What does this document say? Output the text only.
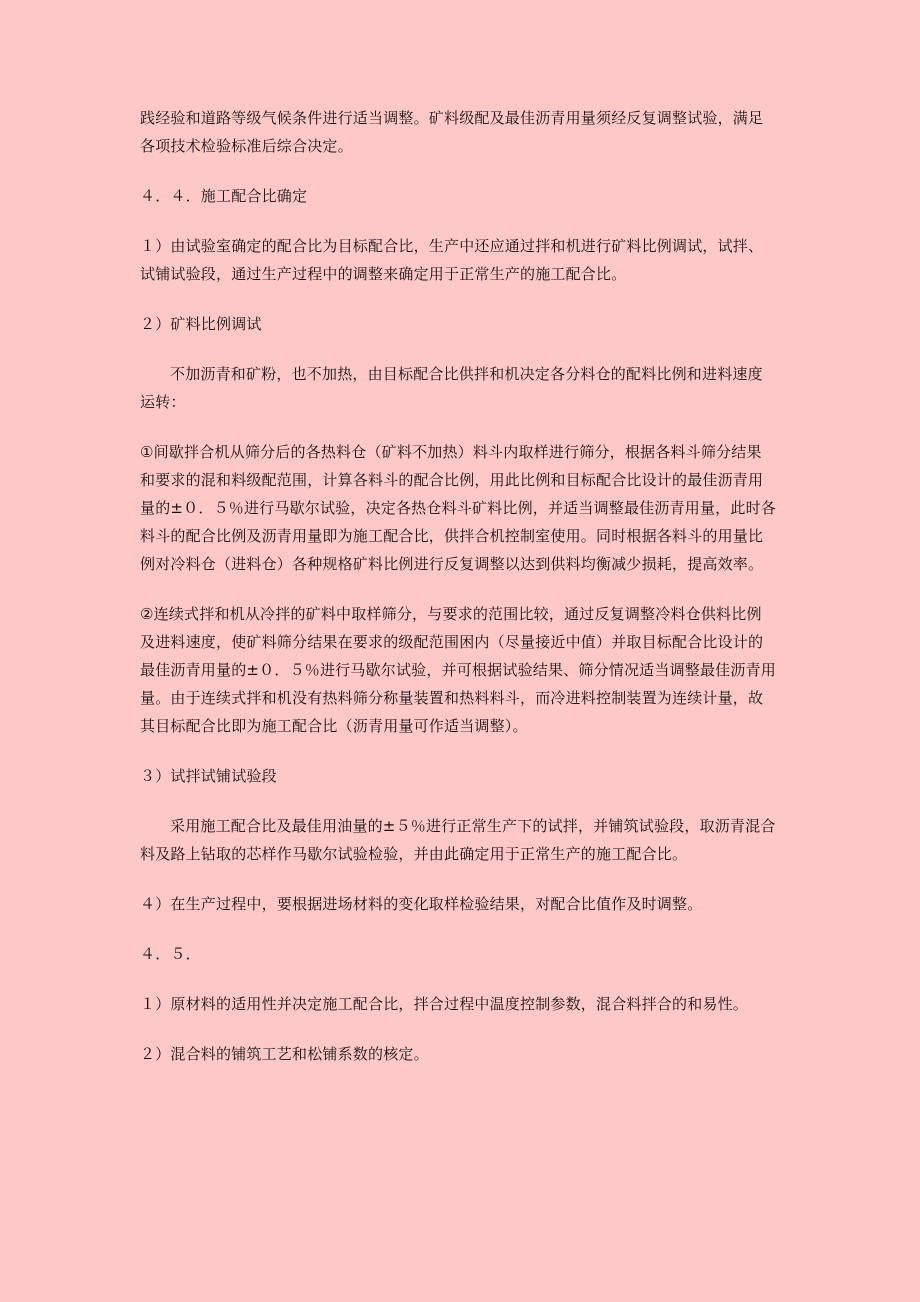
践经验和道路等级气候条件进行适当调整。矿料级配及最佳沥青用量须经反复调整试验，满足各项技术检验标准后综合决定。

４．４．施工配合比确定

１）由试验室确定的配合比为目标配合比，生产中还应通过拌和机进行矿料比例调试，试拌、试铺试验段，通过生产过程中的调整来确定用于正常生产的施工配合比。

２）矿料比例调试

不加沥青和矿粉，也不加热，由目标配合比供拌和机决定各分料仓的配料比例和进料速度运转：

①间歇拌合机从筛分后的各热料仓（矿料不加热）料斗内取样进行筛分，根据各料斗筛分结果和要求的混和料级配范围，计算各料斗的配合比例，用此比例和目标配合比设计的最佳沥青用量的±０．５％进行马歇尔试验，决定各热仓料斗矿料比例，并适当调整最佳沥青用量，此时各料斗的配合比例及沥青用量即为施工配合比，供拌合机控制室使用。同时根据各料斗的用量比例对冷料仓（进料仓）各种规格矿料比例进行反复调整以达到供料均衡减少损耗，提高效率。

②连续式拌和机从冷拌的矿料中取样筛分，与要求的范围比较，通过反复调整冷料仓供料比例及进料速度，使矿料筛分结果在要求的级配范围困内（尽量接近中值）并取目标配合比设计的最佳沥青用量的±０．５％进行马歇尔试验，并可根据试验结果、筛分情况适当调整最佳沥青用量。由于连续式拌和机没有热料筛分称量装置和热料料斗，而冷进料控制装置为连续计量，故其目标配合比即为施工配合比（沥青用量可作适当调整）。

３）试拌试铺试验段

采用施工配合比及最佳用油量的±５％进行正常生产下的试拌，并铺筑试验段，取沥青混合料及路上钻取的芯样作马歇尔试验检验，并由此确定用于正常生产的施工配合比。

４）在生产过程中，要根据进场材料的变化取样检验结果，对配合比值作及时调整。

４．５．

１）原材料的适用性并决定施工配合比，拌合过程中温度控制参数，混合料拌合的和易性。

２）混合料的铺筑工艺和松铺系数的核定。
